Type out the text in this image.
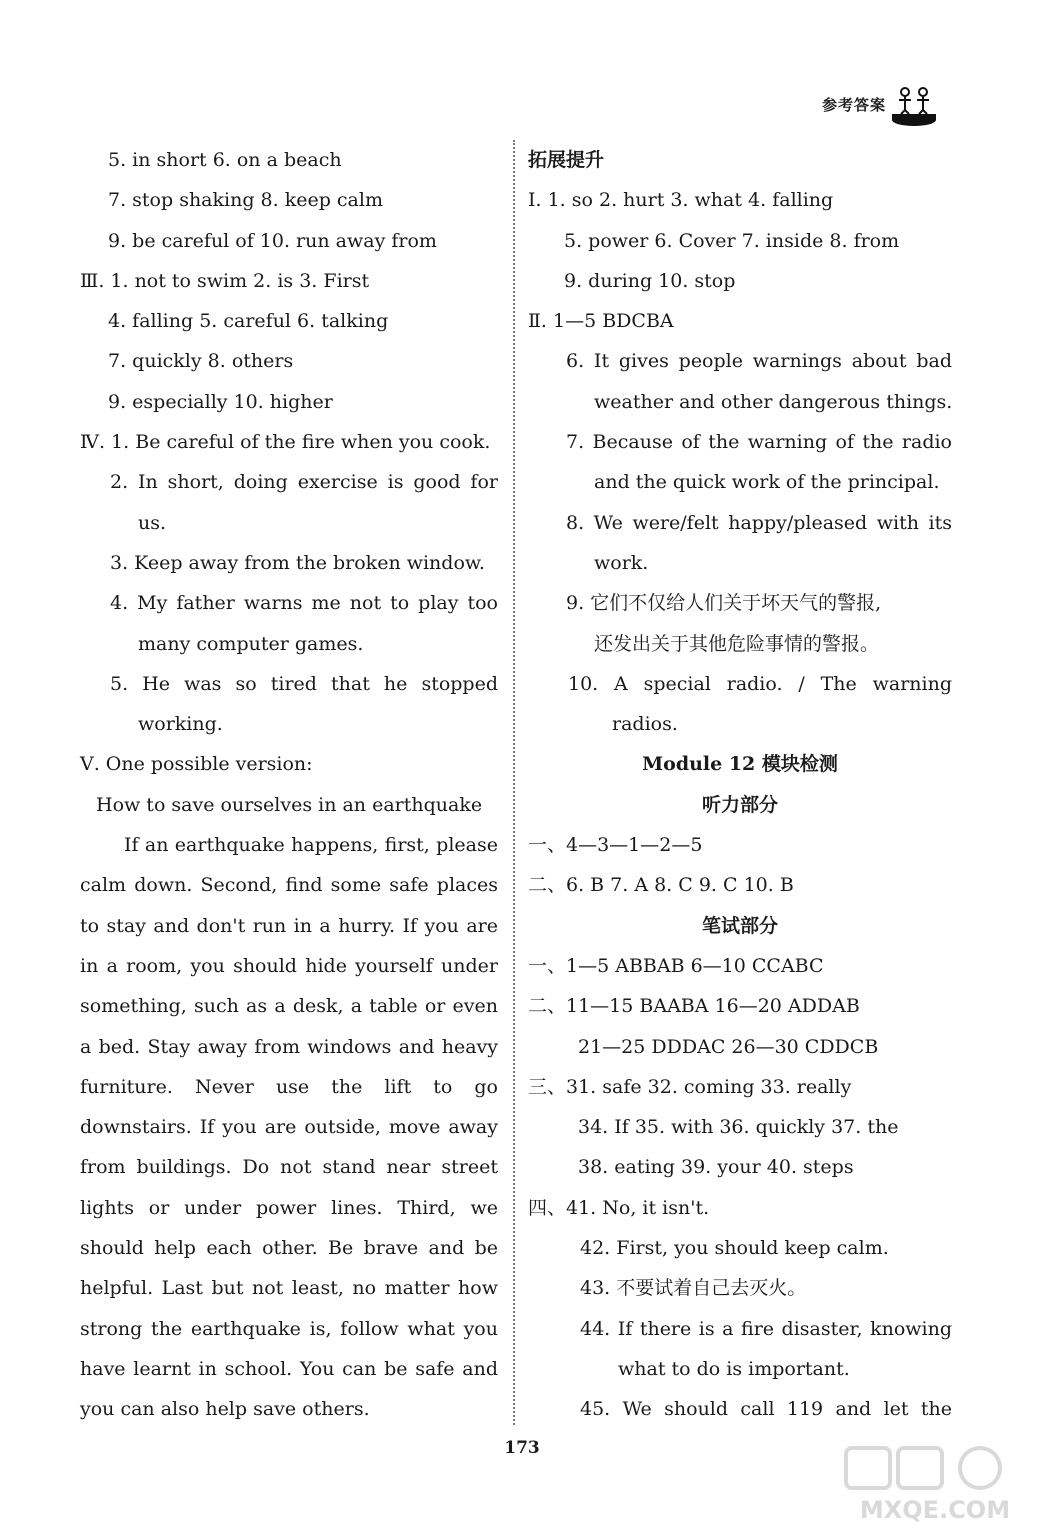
参考答案
5. in short 6. on a beach
7. stop shaking 8. keep calm
9. be careful of 10. run away from
Ⅲ. 1. not to swim 2. is 3. First
4. falling 5. careful 6. talking
7. quickly 8. others
9. especially 10. higher
Ⅳ. 1. Be careful of the fire when you cook.
2. In short, doing exercise is good for
us.
3. Keep away from the broken window.
4. My father warns me not to play too
many computer games.
5. He was so tired that he stopped
working.
Ⅴ. One possible version:
How to save ourselves in an earthquake
If an earthquake happens, first, please
calm down. Second, find some safe places
to stay and don't run in a hurry. If you are
in a room, you should hide yourself under
something, such as a desk, a table or even
a bed. Stay away from windows and heavy
furniture. Never use the lift to go
downstairs. If you are outside, move away
from buildings. Do not stand near street
lights or under power lines. Third, we
should help each other. Be brave and be
helpful. Last but not least, no matter how
strong the earthquake is, follow what you
have learnt in school. You can be safe and
you can also help save others.
拓展提升
Ⅰ. 1. so 2. hurt 3. what 4. falling
5. power 6. Cover 7. inside 8. from
9. during 10. stop
Ⅱ. 1—5 BDCBA
6. It gives people warnings about bad
weather and other dangerous things.
7. Because of the warning of the radio
and the quick work of the principal.
8. We were/felt happy/pleased with its
work.
9. 它们不仅给人们关于坏天气的警报,
还发出关于其他危险事情的警报。
10. A special radio. / The warning
radios.
Module 12 模块检测
听力部分
一、4—3—1—2—5
二、6. B 7. A 8. C 9. C 10. B
笔试部分
一、1—5 ABBAB 6—10 CCABC
二、11—15 BAABA 16—20 ADDAB
21—25 DDDAC 26—30 CDDCB
三、31. safe 32. coming 33. really
34. If 35. with 36. quickly 37. the
38. eating 39. your 40. steps
四、41. No, it isn't.
42. First, you should keep calm.
43. 不要试着自己去灭火。
44. If there is a fire disaster, knowing
what to do is important.
45. We should call 119 and let the
173
MXQE.COM
